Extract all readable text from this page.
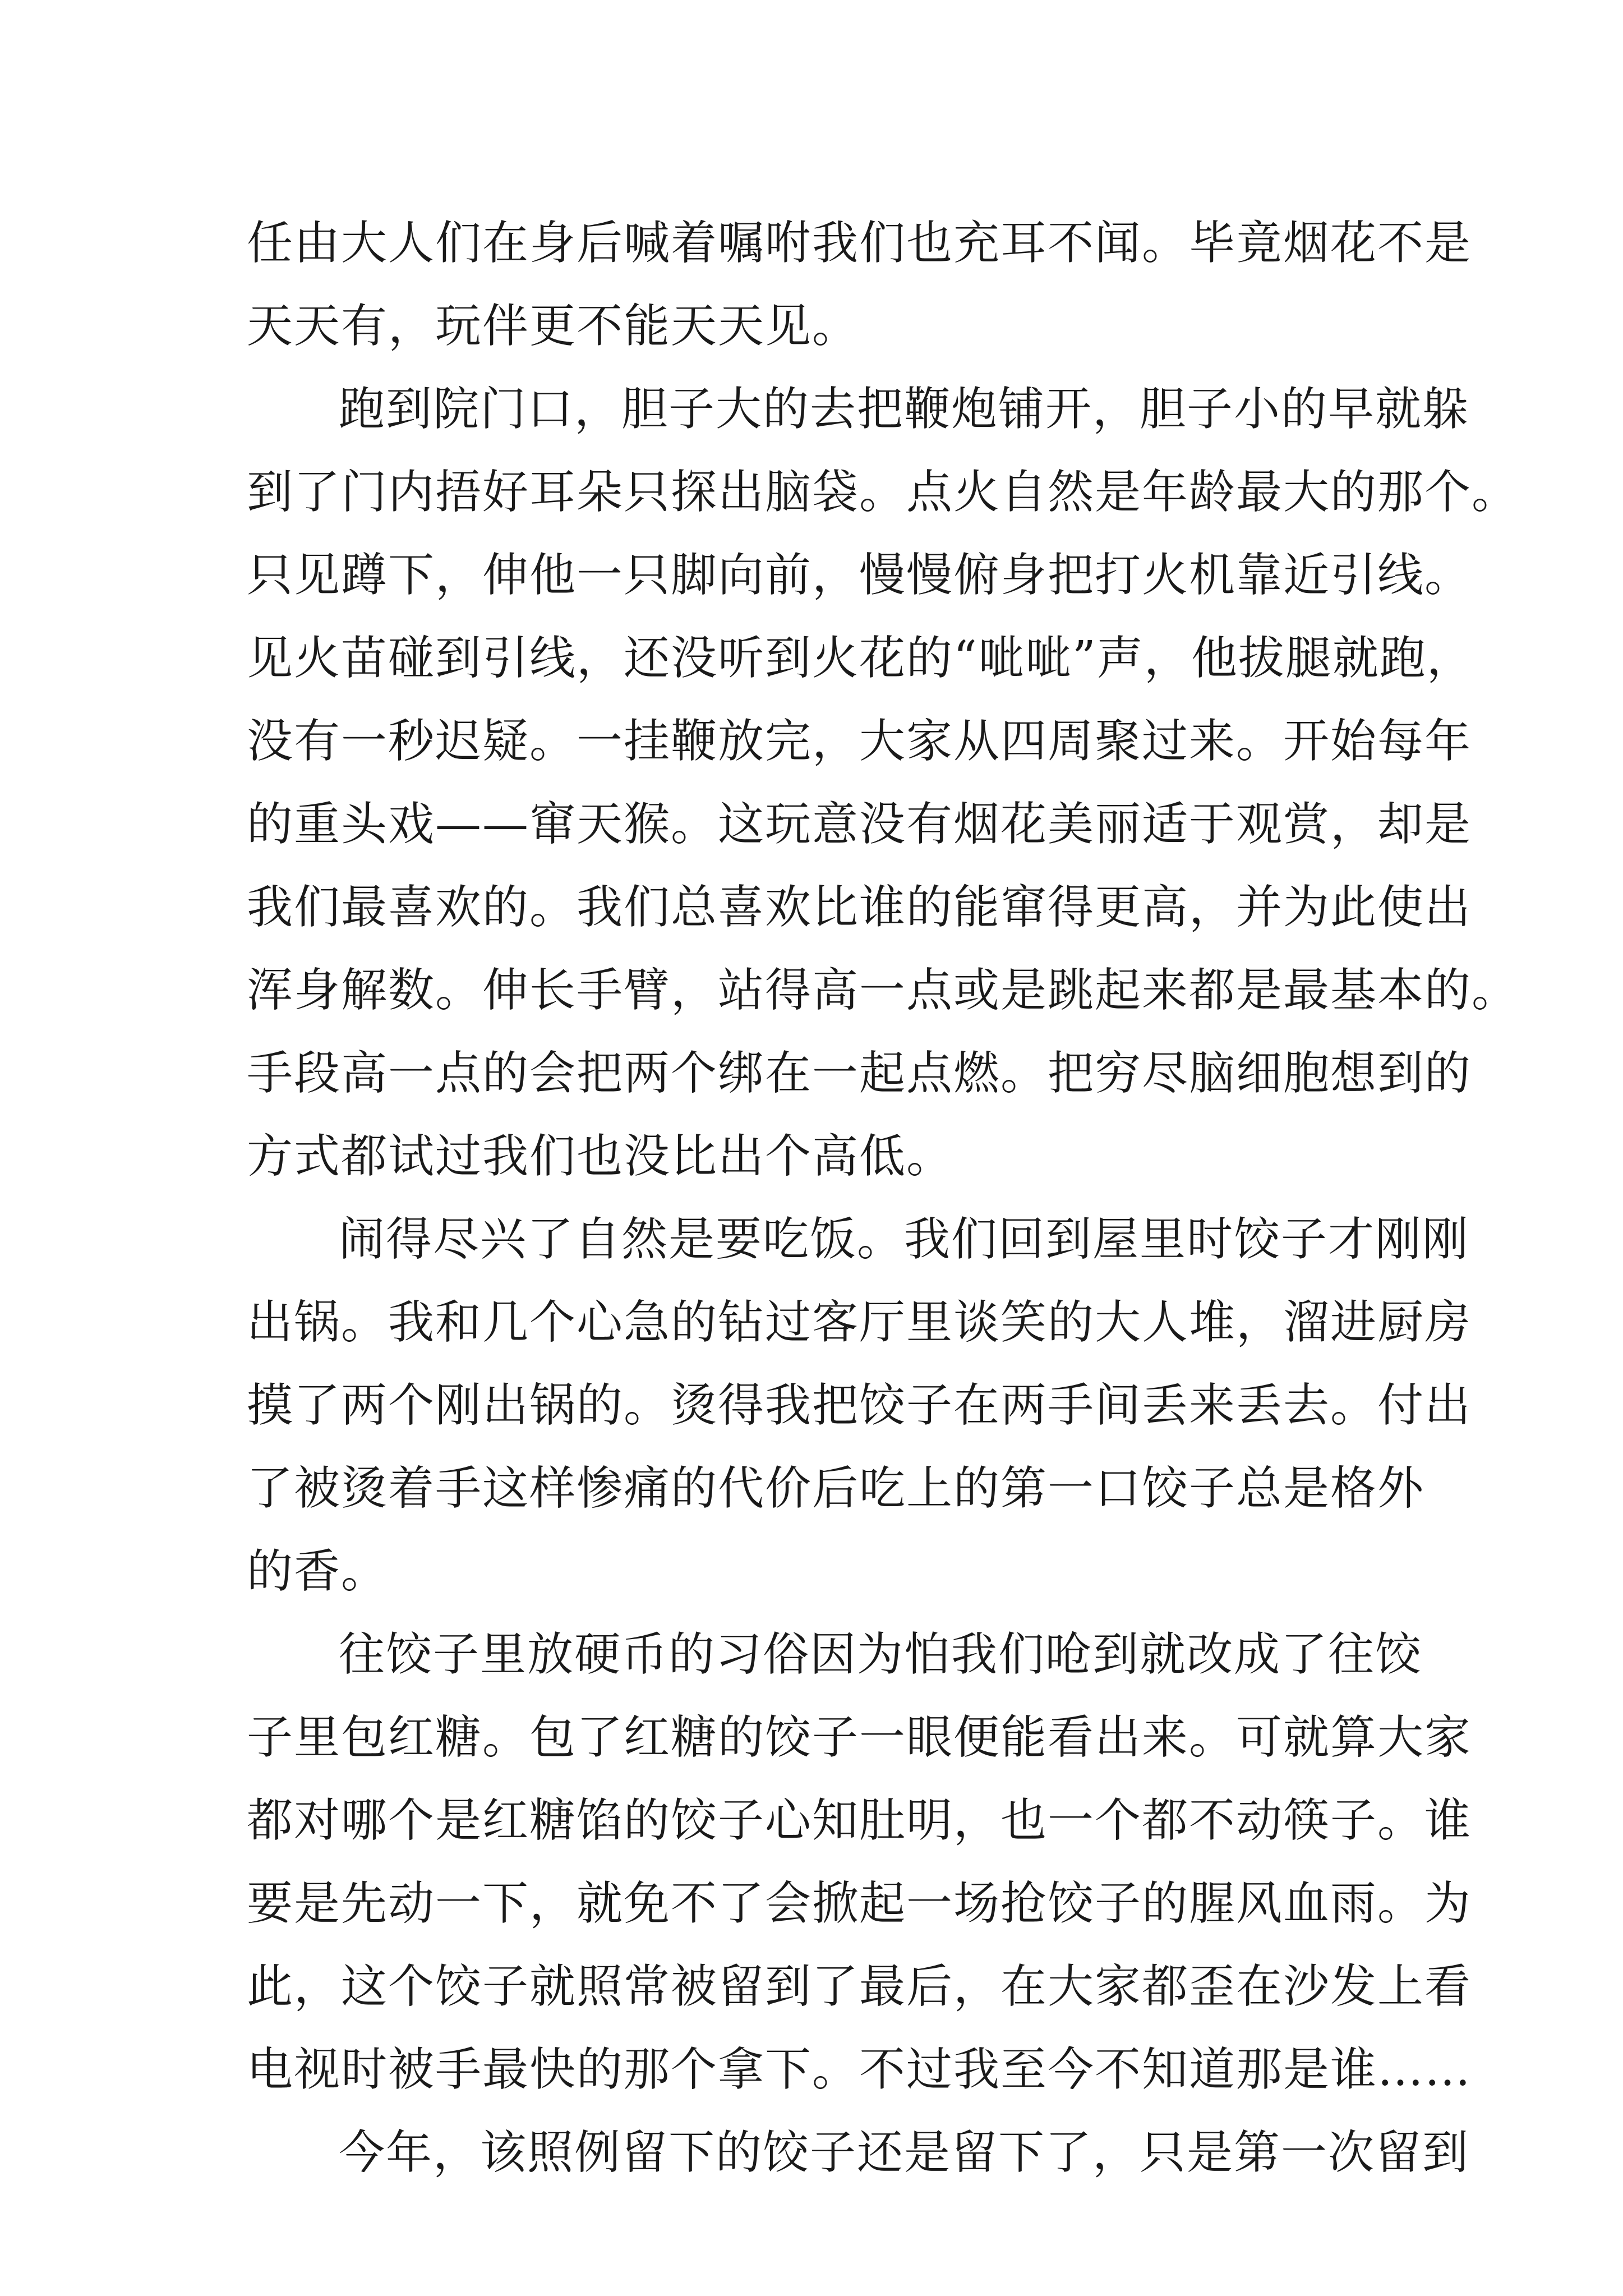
任由大人们在身后喊着嘱咐我们也充耳不闻。毕竟烟花不是
天天有，玩伴更不能天天见。
跑到院门口，胆子大的去把鞭炮铺开，胆子小的早就躲
到了门内捂好耳朵只探出脑袋。点火自然是年龄最大的那个。
只见蹲下，伸他一只脚向前，慢慢俯身把打火机靠近引线。
见火苗碰到引线，还没听到火花的“呲呲”声，他拔腿就跑，
没有一秒迟疑。一挂鞭放完，大家从四周聚过来。开始每年
的重头戏——窜天猴。这玩意没有烟花美丽适于观赏，却是
我们最喜欢的。我们总喜欢比谁的能窜得更高，并为此使出
浑身解数。伸长手臂，站得高一点或是跳起来都是最基本的。
手段高一点的会把两个绑在一起点燃。把穷尽脑细胞想到的
方式都试过我们也没比出个高低。
闹得尽兴了自然是要吃饭。我们回到屋里时饺子才刚刚
出锅。我和几个心急的钻过客厅里谈笑的大人堆，溜进厨房
摸了两个刚出锅的。烫得我把饺子在两手间丢来丢去。付出
了被烫着手这样惨痛的代价后吃上的第一口饺子总是格外
的香。
往饺子里放硬币的习俗因为怕我们呛到就改成了往饺
子里包红糖。包了红糖的饺子一眼便能看出来。可就算大家
都对哪个是红糖馅的饺子心知肚明，也一个都不动筷子。谁
要是先动一下，就免不了会掀起一场抢饺子的腥风血雨。为
此，这个饺子就照常被留到了最后，在大家都歪在沙发上看
电视时被手最快的那个拿下。不过我至今不知道那是谁……
今年，该照例留下的饺子还是留下了，只是第一次留到
